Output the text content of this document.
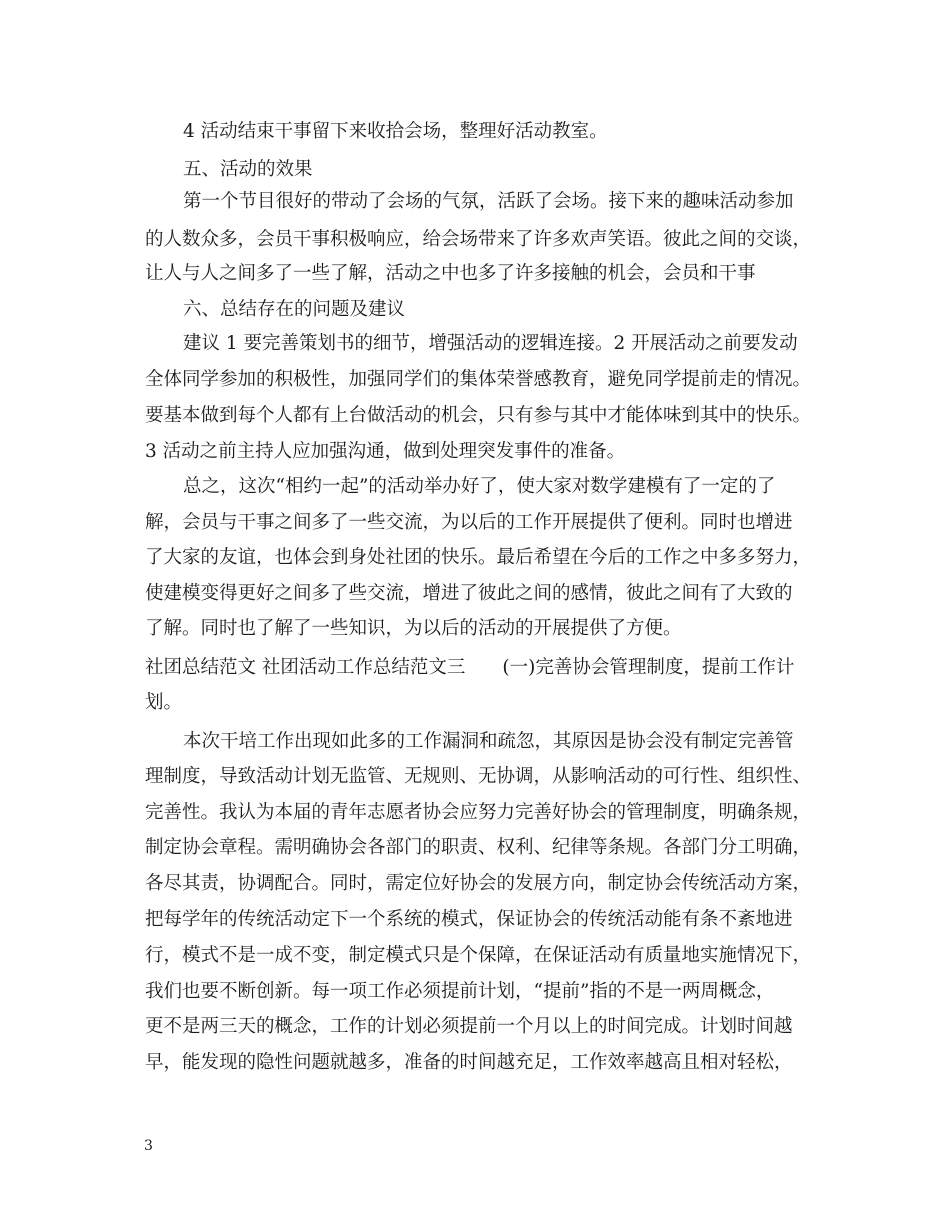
4 活动结束干事留下来收拾会场，整理好活动教室。
五、活动的效果
第一个节目很好的带动了会场的气氛，活跃了会场。接下来的趣味活动参加
的人数众多，会员干事积极响应，给会场带来了许多欢声笑语。彼此之间的交谈，
让人与人之间多了一些了解，活动之中也多了许多接触的机会，会员和干事
六、总结存在的问题及建议
建议 1 要完善策划书的细节，增强活动的逻辑连接。2 开展活动之前要发动
全体同学参加的积极性，加强同学们的集体荣誉感教育，避免同学提前走的情况。
要基本做到每个人都有上台做活动的机会，只有参与其中才能体味到其中的快乐。
3 活动之前主持人应加强沟通，做到处理突发事件的准备。
总之，这次“相约一起”的活动举办好了，使大家对数学建模有了一定的了
解，会员与干事之间多了一些交流，为以后的工作开展提供了便利。同时也增进
了大家的友谊，也体会到身处社团的快乐。最后希望在今后的工作之中多多努力，
使建模变得更好之间多了些交流，增进了彼此之间的感情，彼此之间有了大致的
了解。同时也了解了一些知识，为以后的活动的开展提供了方便。
社团总结范文 社团活动工作总结范文三　　(一)完善协会管理制度，提前工作计
划。
本次干培工作出现如此多的工作漏洞和疏忽，其原因是协会没有制定完善管
理制度，导致活动计划无监管、无规则、无协调，从影响活动的可行性、组织性、
完善性。我认为本届的青年志愿者协会应努力完善好协会的管理制度，明确条规，
制定协会章程。需明确协会各部门的职责、权利、纪律等条规。各部门分工明确，
各尽其责，协调配合。同时，需定位好协会的发展方向，制定协会传统活动方案，
把每学年的传统活动定下一个系统的模式，保证协会的传统活动能有条不紊地进
行，模式不是一成不变，制定模式只是个保障，在保证活动有质量地实施情况下，
我们也要不断创新。每一项工作必须提前计划，“提前”指的不是一两周概念，
更不是两三天的概念，工作的计划必须提前一个月以上的时间完成。计划时间越
早，能发现的隐性问题就越多，准备的时间越充足，工作效率越高且相对轻松，
3
